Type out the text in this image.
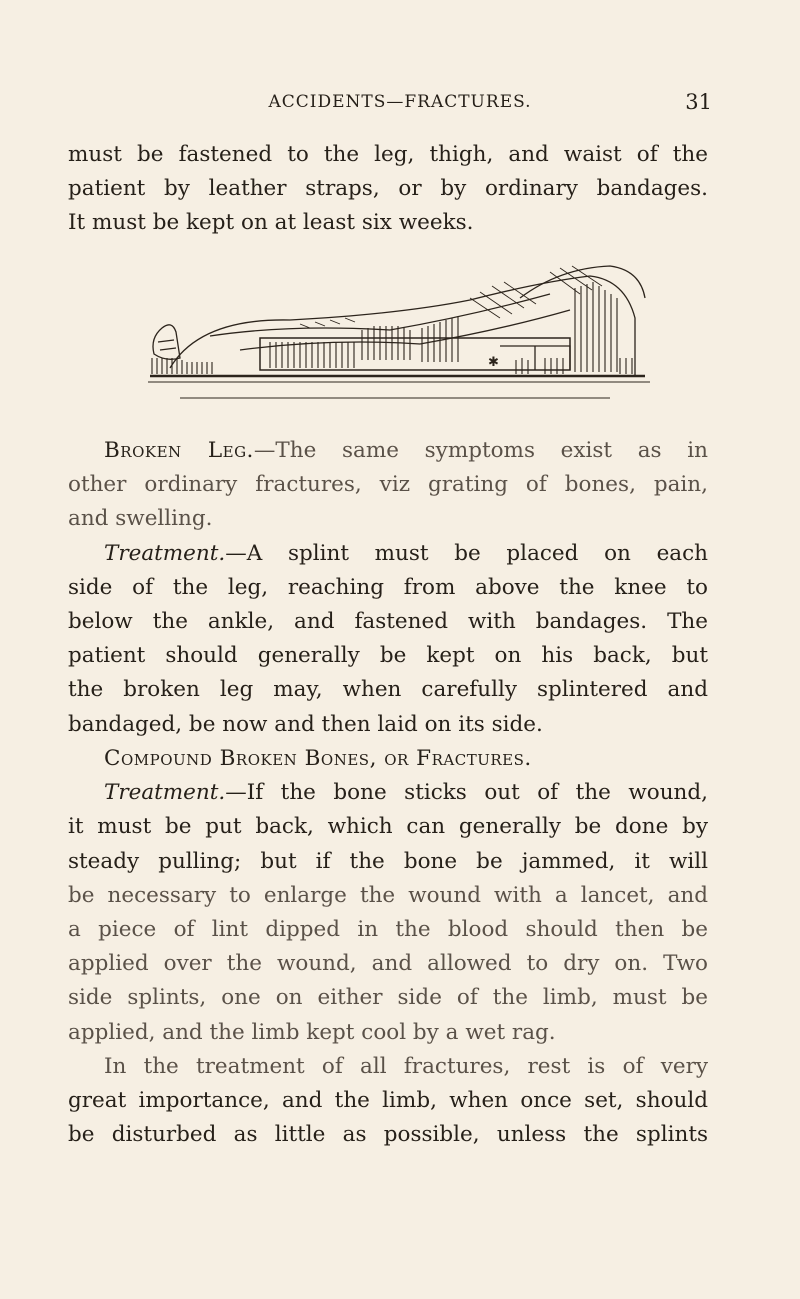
ACCIDENTS—FRACTURES.	31
must be fastened to the leg, thigh, and waist of the
patient by leather straps, or by ordinary bandages.
It must be kept on at least six weeks.
✱
Broken Leg.—The same symptoms exist as in
other ordinary fractures, viz grating of bones, pain,
and swelling.
Treatment.—A splint must be placed on each
side of the leg, reaching from above the knee to
below the ankle, and fastened with bandages. The
patient should generally be kept on his back, but
the broken leg may, when carefully splintered and
bandaged, be now and then laid on its side.
Compound Broken Bones, or Fractures.
Treatment.—If the bone sticks out of the wound,
it must be put back, which can generally be done by
steady pulling; but if the bone be jammed, it will
be necessary to enlarge the wound with a lancet, and
a piece of lint dipped in the blood should then be
applied over the wound, and allowed to dry on. Two
side splints, one on either side of the limb, must be
applied, and the limb kept cool by a wet rag.
In the treatment of all fractures, rest is of very
great importance, and the limb, when once set, should
be disturbed as little as possible, unless the splints
